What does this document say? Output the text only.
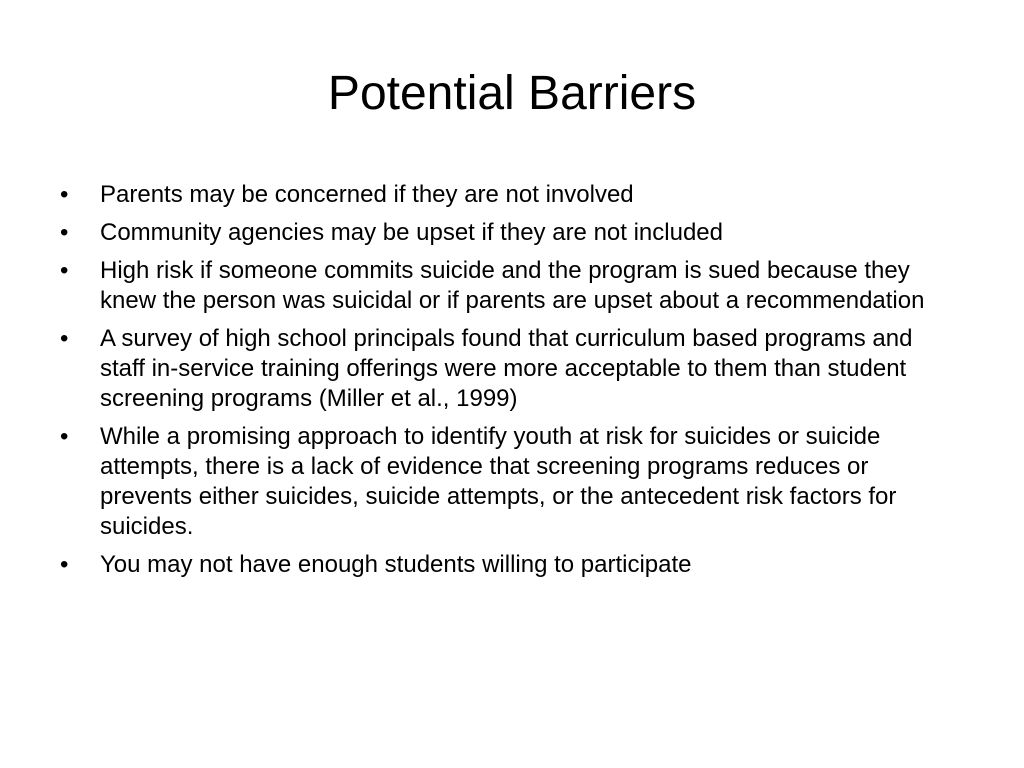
Potential Barriers
•	Parents may be concerned if they are not involved
•	Community agencies may be upset if they are not included
•	High risk if someone commits suicide and the program is sued because they knew the person was suicidal or if parents are upset about a recommendation
•	A survey of high school principals found that curriculum based programs and staff in-service training offerings were more acceptable to them than student screening programs (Miller et al., 1999)
•	While a promising approach to identify youth at risk for suicides or suicide attempts, there is a lack of evidence that screening programs reduces or prevents either suicides, suicide attempts, or the antecedent risk factors for suicides.
•	You may not have enough students willing to participate
